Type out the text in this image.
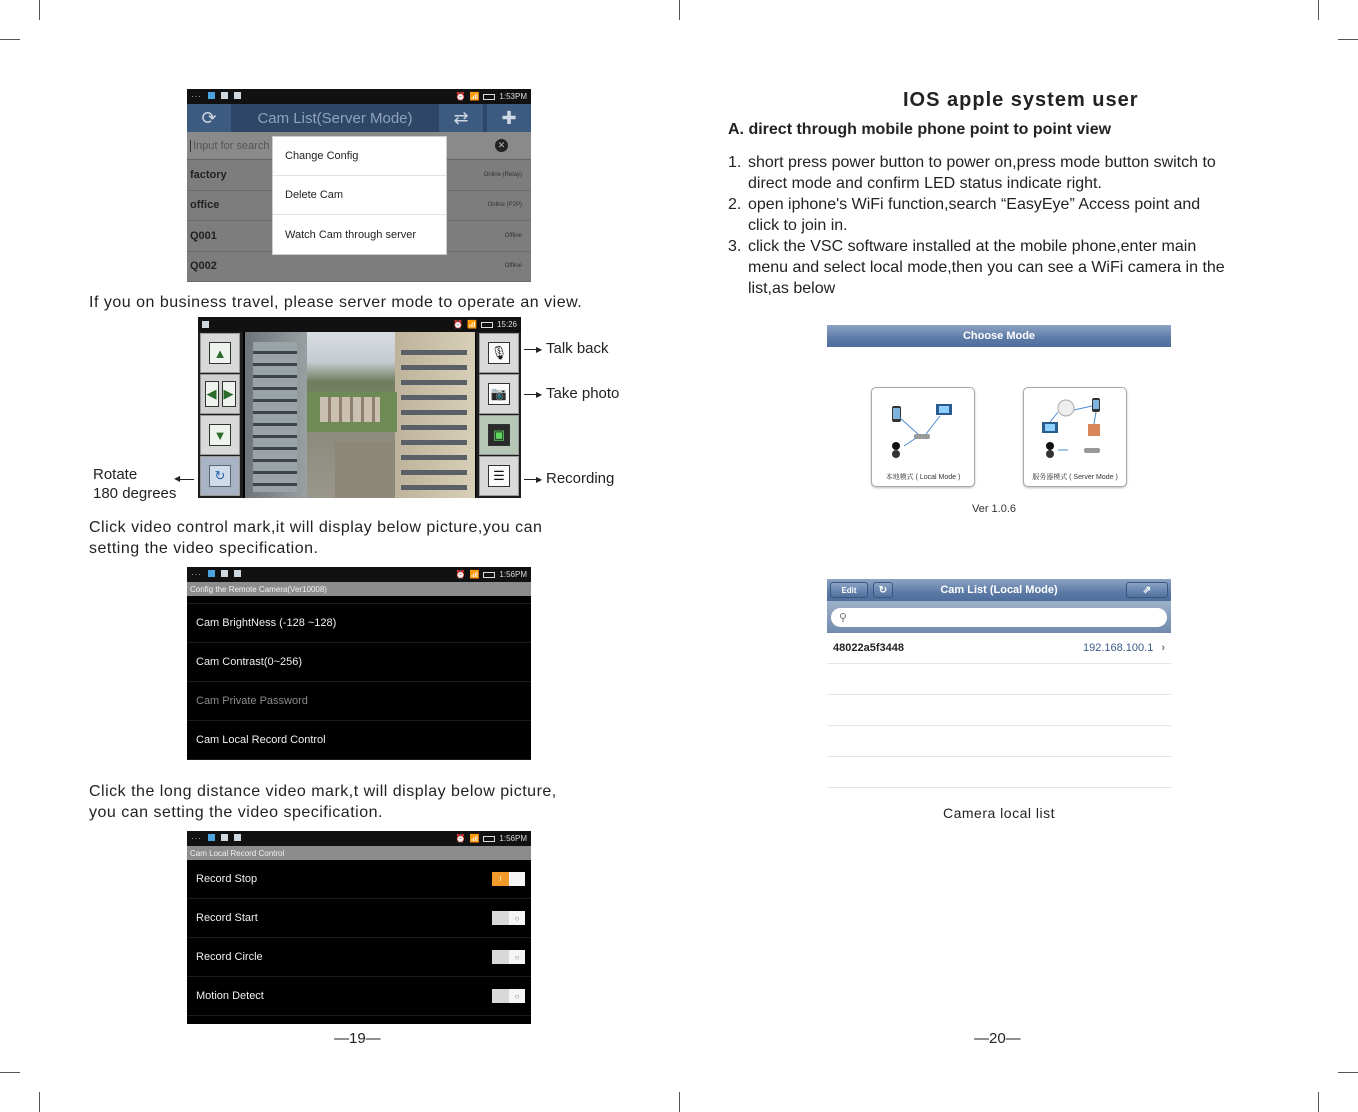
···	⏰ 📶	1:53PM
⟳	Cam List(Server Mode)	⇄	✚
Input for search	✕
factory	Online (Relay)
office	Online (P2P)
Q001	Offline
Q002	Offline
Change Config
Delete Cam
Watch Cam through server
If you on business travel, please server mode to operate an view.
⏰ 📶	15:26
▲
◀ ▶
▼
↻
🎙
📷
▣
☰
▶ Talk back
▶ Take photo
▶ Recording
◀
Rotate
180 degrees
Click video control mark,it will display below picture,you can
setting the video specification.
···	⏰ 📶	1:56PM
Config the Remote Camera(Ver10008)
Cam BrightNess (-128 ~128)
Cam Contrast(0~256)
Cam Private Password
Cam Local Record Control
Click the long distance video mark,t will display below picture,
you can setting the video specification.
···	⏰ 📶	1:56PM
Cam Local Record Control
Record Stop	I
Record Start	○
Record Circle	○
Motion Detect	○
—19—
IOS apple system user
A. direct through mobile phone point to point view
1. short press power button to power on,press mode button switch to
direct mode and confirm LED status indicate right.
2. open iphone's WiFi function,search “EasyEye” Access point and
click to join in.
3. click the VSC software installed at the mobile phone,enter main
menu and select local mode,then you can see a WiFi camera in the
list,as below
Choose Mode
本地模式 ( Local Mode )	服务器模式 ( Server Mode )
Ver 1.0.6
Edit	↻	Cam List (Local Mode)	⇗
⚲
48022a5f3448	192.168.100.1 ›
Camera local list
—20—
